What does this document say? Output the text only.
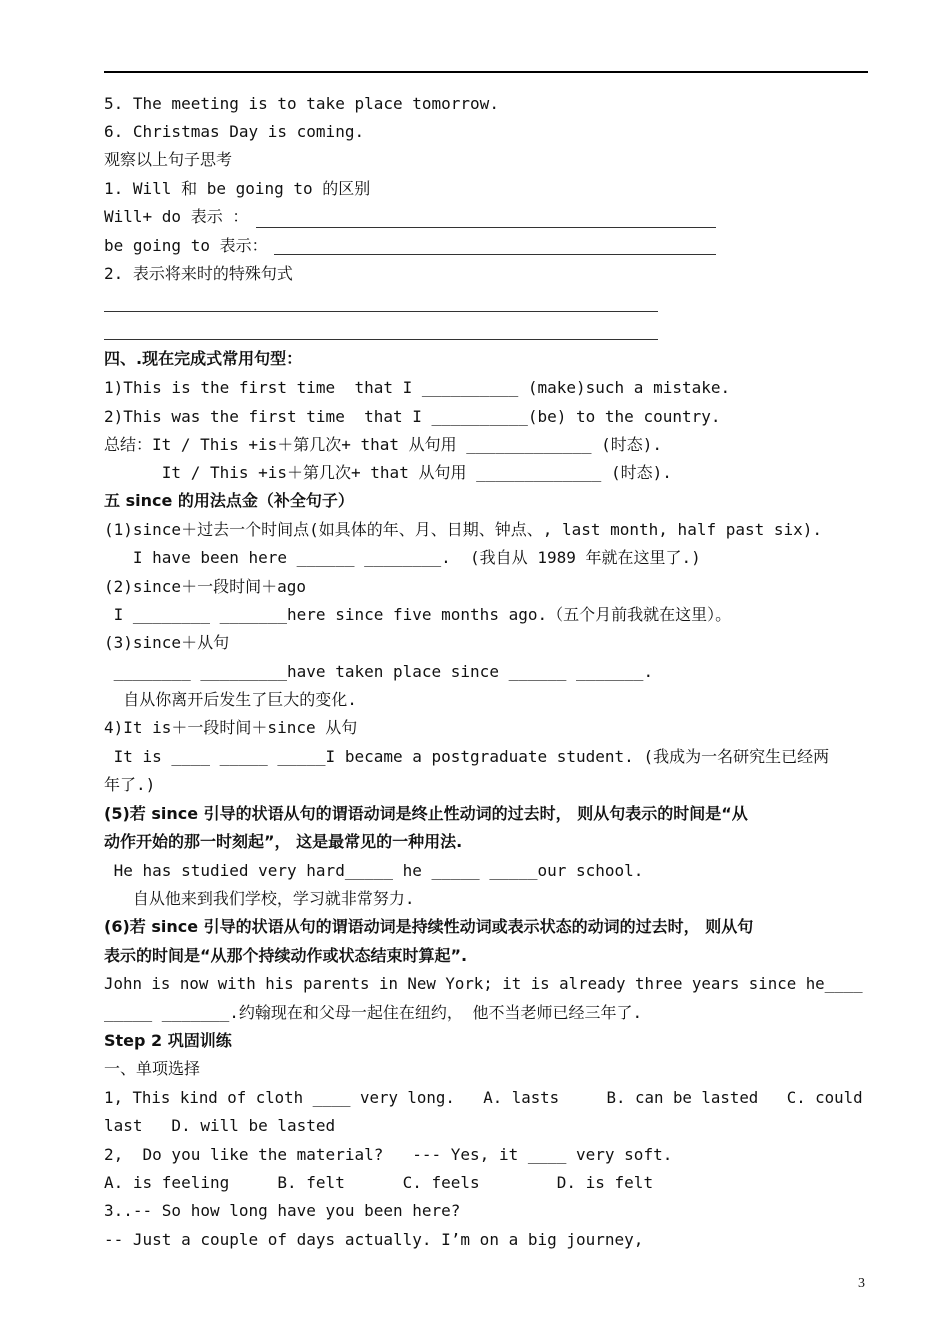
5. The meeting is to take place tomorrow.
6. Christmas Day is coming.
观察以上句子思考
1. Will 和 be going to 的区别
Will+ do 表示 ：
be going to 表示：
2. 表示将来时的特殊句式
四、.现在完成式常用句型：
1)This is the first time  that I __________ (make)such a mistake.
2)This was the first time  that I __________(be) to the country.
总结：It / This +is＋第几次+ that 从句用 _____________ (时态).
It / This +is＋第几次+ that 从句用 _____________ (时态).
五 since 的用法点金（补全句子）
(1)since＋过去一个时间点(如具体的年、月、日期、钟点、, last month, half past six).
I have been here ______ ________.  (我自从 1989 年就在这里了.)
(2)since＋一段时间＋ago
I ________ _______here since five months ago.（五个月前我就在这里）。
(3)since＋从句
________ _________have taken place since ______ _______.
自从你离开后发生了巨大的变化.
4)It is＋一段时间＋since 从句
It is ____ _____ _____I became a postgraduate student. (我成为一名研究生已经两
年了.)
(5)若 since 引导的状语从句的谓语动词是终止性动词的过去时， 则从句表示的时间是“从
动作开始的那一时刻起”， 这是最常见的一种用法.
He has studied very hard_____ he _____ _____our school.
自从他来到我们学校，学习就非常努力.
(6)若 since 引导的状语从句的谓语动词是持续性动词或表示状态的动词的过去时， 则从句
表示的时间是“从那个持续动作或状态结束时算起”.
John is now with his parents in New York; it is already three years since he____
_____ _______.约翰现在和父母一起住在纽约， 他不当老师已经三年了.
Step 2 巩固训练
一、单项选择
1, This kind of cloth ____ very long.   A. lasts     B. can be lasted   C. could
last   D. will be lasted
2,  Do you like the material?   --- Yes, it ____ very soft.
A. is feeling     B. felt      C. feels        D. is felt
3..-- So how long have you been here?
-- Just a couple of days actually. I’m on a big journey,
3
